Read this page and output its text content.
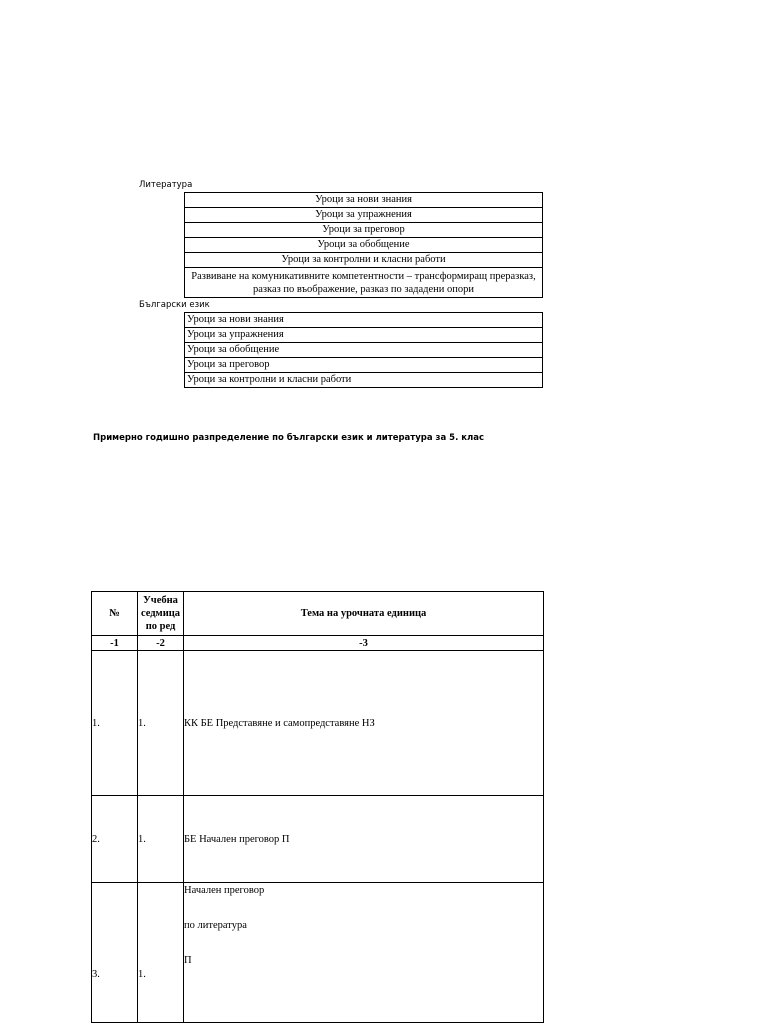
Литература
Уроци за нови знания
Уроци за упражнения
Уроци за преговор
Уроци за обобщение
Уроци за контролни и класни работи
Развиване на комуникативните компетентности – трансформиращ преразказ, разказ по въображение, разказ по зададени опори
Български език
Уроци за нови знания
Уроци за упражнения
Уроци за обобщение
Уроци за преговор
Уроци за контролни и класни работи
Примерно годишно разпределение по български език и литература за 5. клас
№	Учебна седмица по ред	Тема на урочната единица
-1	-2	-3
1.	1.	КК БЕ Представяне и самопредставяне НЗ
2.	1.	БЕ Начален преговор П
3.	1.	Начален преговор
по литература
П
